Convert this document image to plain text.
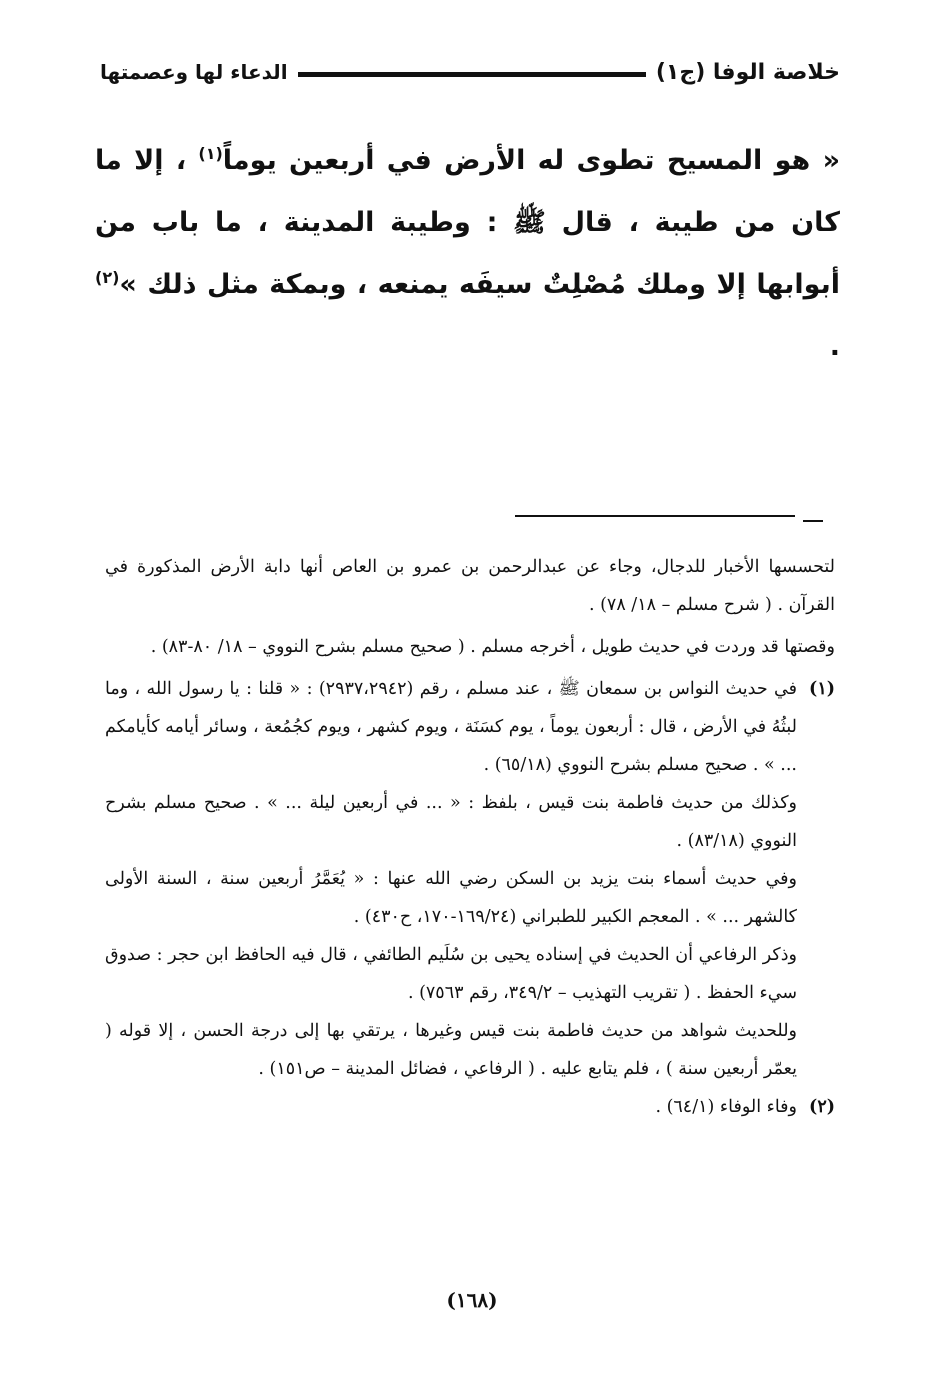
خلاصة الوفا (ج١)
الدعاء لها وعصمتها

« هو المسيح تطوى له الأرض في أربعين يوماً$^{(١)}$ ، إلا ما كان من طيبة ، قال ﷺ : وطيبة المدينة ، ما باب من أبوابها إلا وملك مُصْلِتٌ سيفَه يمنعه ، وبمكة مثل ذلك »$^{(٢)}$ .

لتحسسها الأخبار للدجال، وجاء عن عبدالرحمن بن عمرو بن العاص أنها دابة الأرض المذكورة في القرآن . ( شرح مسلم – ١٨/ ٧٨) .

وقصتها قد وردت في حديث طويل ، أخرجه مسلم . ( صحيح مسلم بشرح النووي – ١٨/ ٨٠-٨٣) .

(١)
في حديث النواس بن سمعان ﷺ ، عند مسلم ، رقم (٢٩٣٧،٢٩٤٢) : « قلنا : يا رسول الله ، وما لبثُهُ في الأرض ، قال : أربعون يوماً ، يوم كسَنَة ، ويوم كشهر ، ويوم كجُمُعة ، وسائر أيامه كأيامكم ... » . صحيح مسلم بشرح النووي (٦٥/١٨) .

وكذلك من حديث فاطمة بنت قيس ، بلفظ : « ... في أربعين ليلة ... » . صحيح مسلم بشرح النووي (٨٣/١٨) .

وفي حديث أسماء بنت يزيد بن السكن رضي الله عنها : « يُعَمَّرُ أربعين سنة ، السنة الأولى كالشهر ... » . المعجم الكبير للطبراني (١٦٩/٢٤-١٧٠، ح٤٣٠) .

وذكر الرفاعي أن الحديث في إسناده يحيى بن سُلَيم الطائفي ، قال فيه الحافظ ابن حجر : صدوق سيء الحفظ . ( تقريب التهذيب – ٣٤٩/٢، رقم ٧٥٦٣) .

وللحديث شواهد من حديث فاطمة بنت قيس وغيرها ، يرتقي بها إلى درجة الحسن ، إلا قوله ( يعمّر أربعين سنة ) ، فلم يتابع عليه . ( الرفاعي ، فضائل المدينة – ص١٥١) .

(٢)
وفاء الوفاء (٦٤/١) .
(١٦٨)
